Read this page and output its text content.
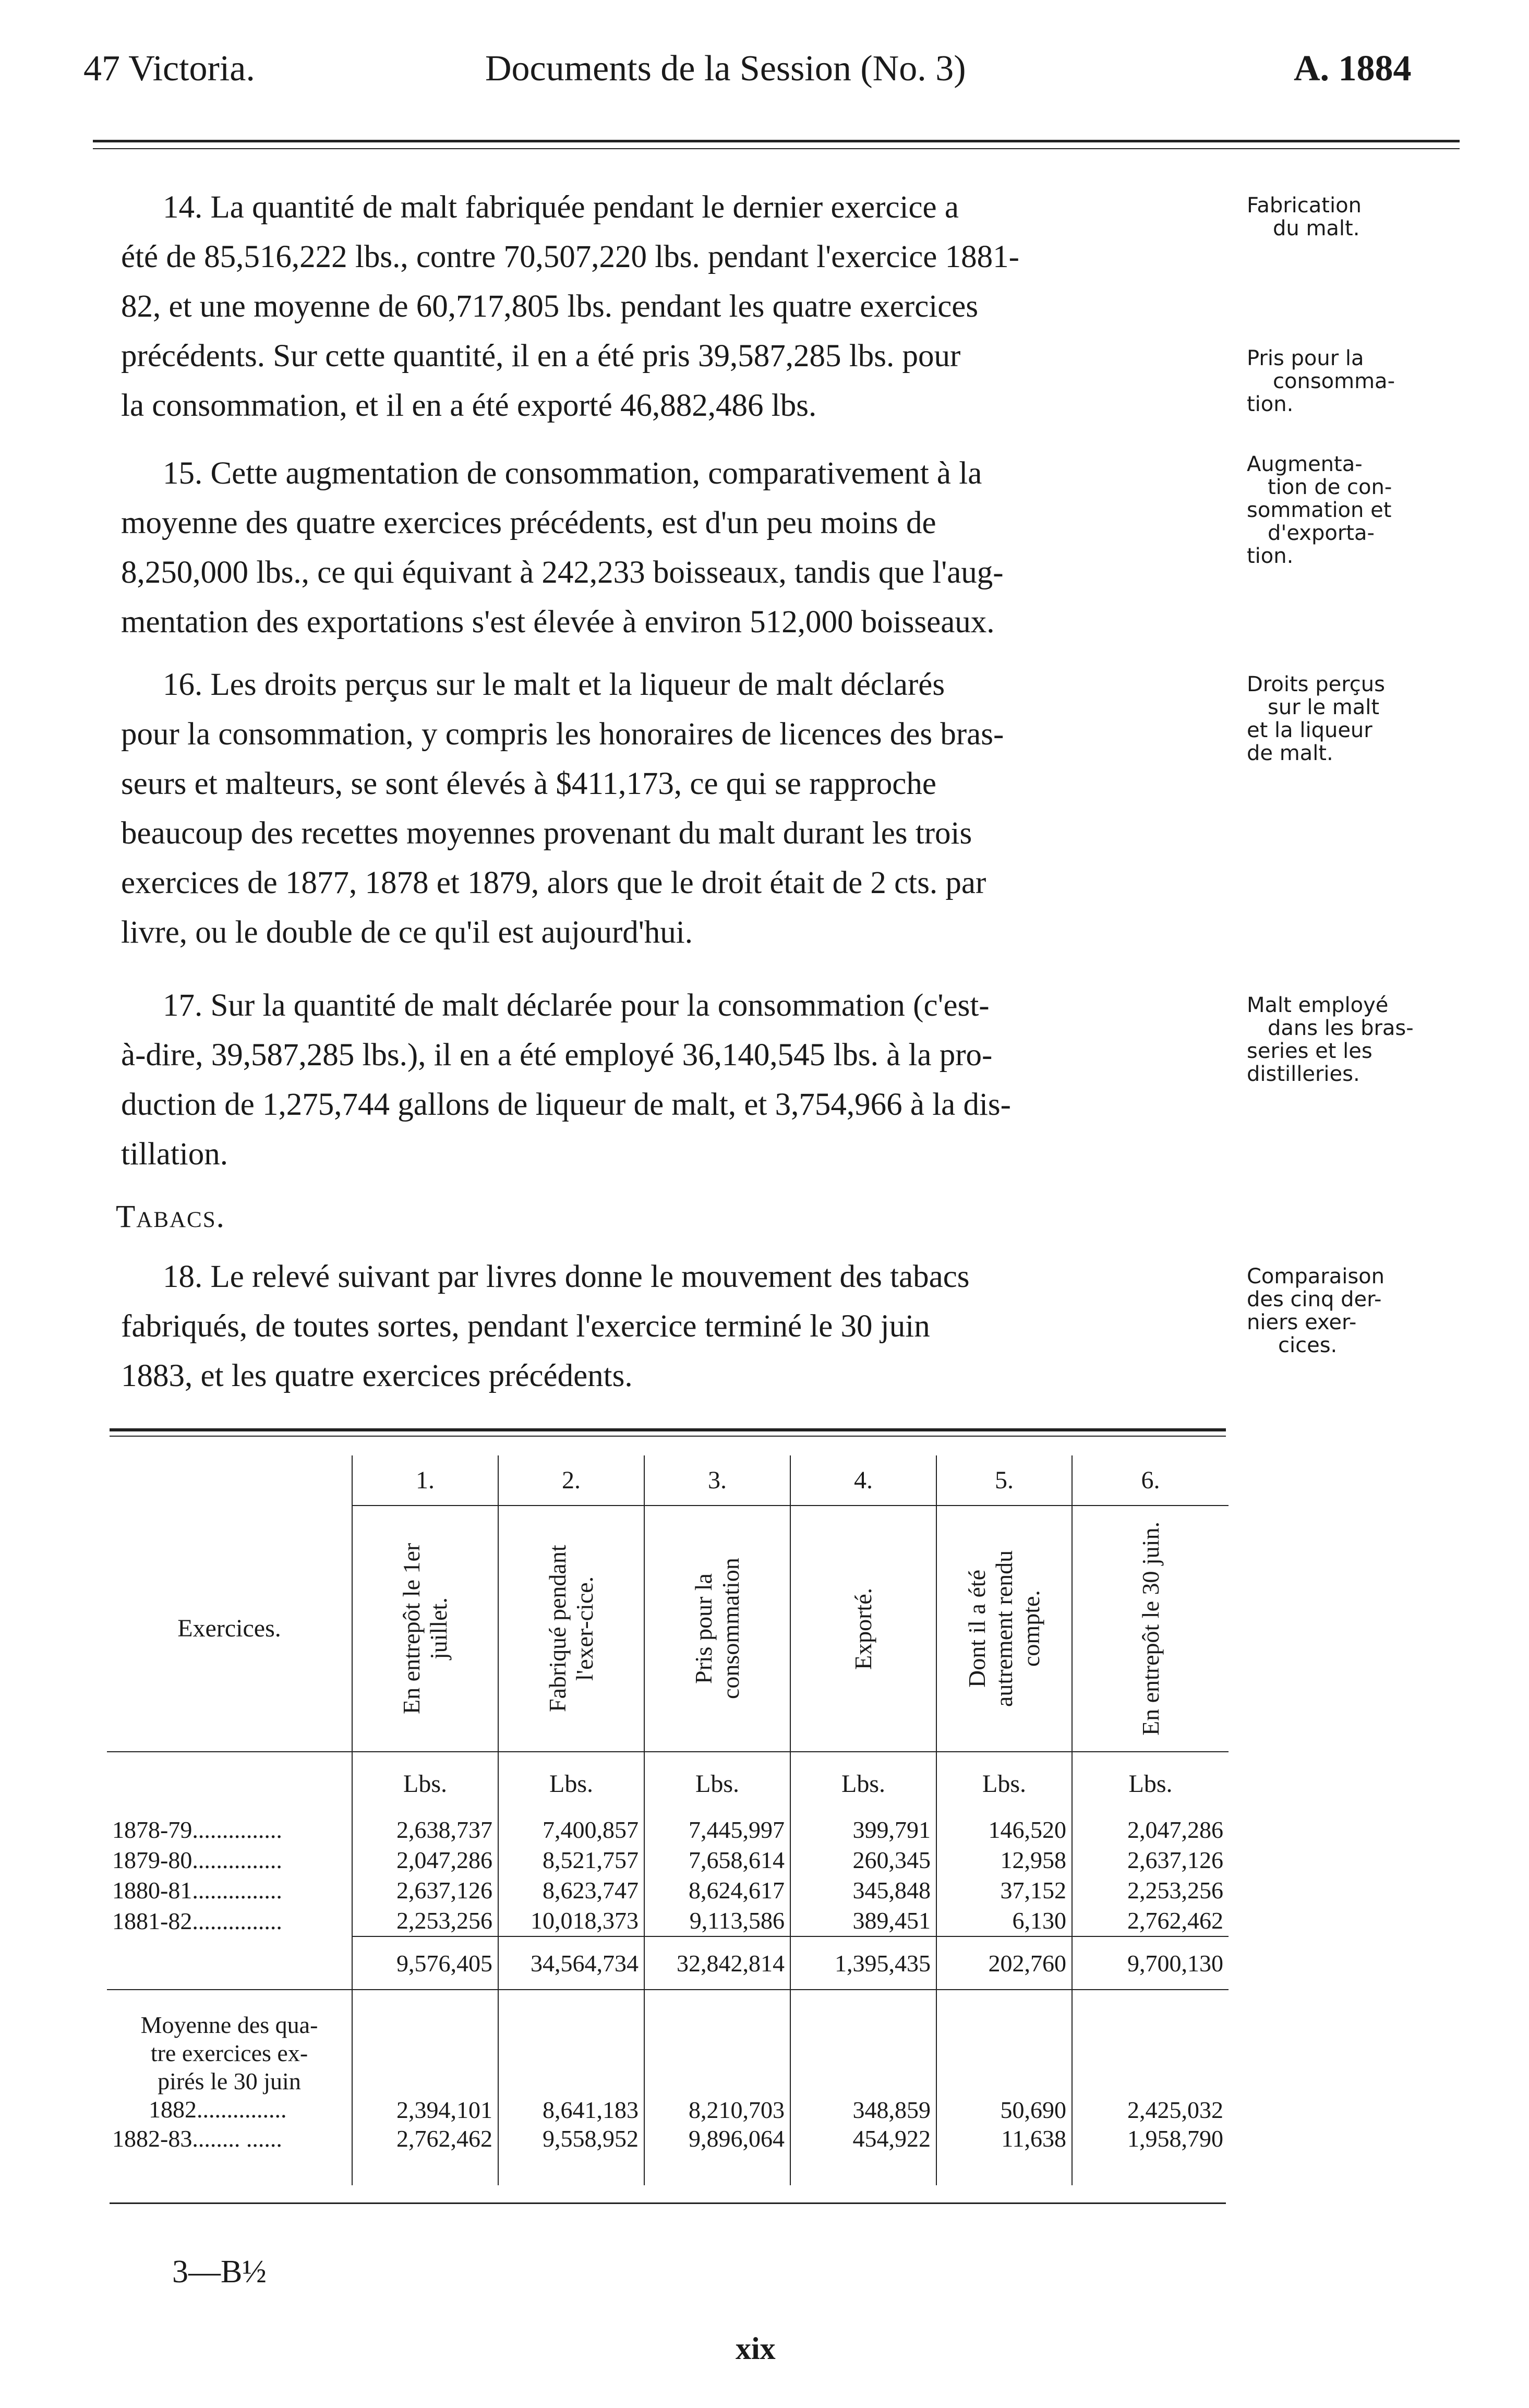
47 Victoria.	Documents de la Session (No. 3)	A. 1884

14. La quantité de malt fabriquée pendant le dernier exercice a

été de 85,516,222 lbs., contre 70,507,220 lbs. pendant l'exercice 1881-

82, et une moyenne de 60,717,805 lbs. pendant les quatre exercices

précédents. Sur cette quantité, il en a été pris 39,587,285 lbs. pour

la consommation, et il en a été exporté 46,882,486 lbs.

15. Cette augmentation de consommation, comparativement à la

moyenne des quatre exercices précédents, est d'un peu moins de

8,250,000 lbs., ce qui équivant à 242,233 boisseaux, tandis que l'aug-

mentation des exportations s'est élevée à environ 512,000 boisseaux.

16. Les droits perçus sur le malt et la liqueur de malt déclarés

pour la consommation, y compris les honoraires de licences des bras-

seurs et malteurs, se sont élevés à $411,173, ce qui se rapproche

beaucoup des recettes moyennes provenant du malt durant les trois

exercices de 1877, 1878 et 1879, alors que le droit était de 2 cts. par

livre, ou le double de ce qu'il est aujourd'hui.

17. Sur la quantité de malt déclarée pour la consommation (c'est-

à-dire, 39,587,285 lbs.), il en a été employé 36,140,545 lbs. à la pro-

duction de 1,275,744 gallons de liqueur de malt, et 3,754,966 à la dis-

tillation.

Tabacs.

18. Le relevé suivant par livres donne le mouvement des tabacs

fabriqués, de toutes sortes, pendant l'exercice terminé le 30 juin

1883, et les quatre exercices précédents.

Fabrication
du malt.
Pris pour la
consomma-
tion.
Augmenta-
tion de con-
sommation et
d'exporta-
tion.
Droits perçus
sur le malt
et la liqueur
de malt.
Malt employé
dans les bras-
series et les
distilleries.
Comparaison
des cinq der-
niers exer-
cices.
	1.	2.	3.	4.	5.	6.
Exercices.	En entrepôt le 1er juillet.	Fabriqué pendant l'exer-cice.	Pris pour la consommation	Exporté.	Dont il a été autrement rendu compte.	En entrepôt le 30 juin.

	Lbs.	Lbs.	Lbs.	Lbs.	Lbs.	Lbs.
1878-79...............	2,638,737	7,400,857	7,445,997	399,791	146,520	2,047,286
1879-80...............	2,047,286	8,521,757	7,658,614	260,345	12,958	2,637,126
1880-81...............	2,637,126	8,623,747	8,624,617	345,848	37,152	2,253,256
1881-82...............	2,253,256	10,018,373	9,113,586	389,451	6,130	2,762,462
	9,576,405	34,564,734	32,842,814	1,395,435	202,760	9,700,130

Moyenne des qua-
tre exercices ex-
pirés le 30 juin
1882...............	2,394,101	8,641,183	8,210,703	348,859	50,690	2,425,032
1882-83........ ......	2,762,462	9,558,952	9,896,064	454,922	11,638	1,958,790

3—B½
xix
